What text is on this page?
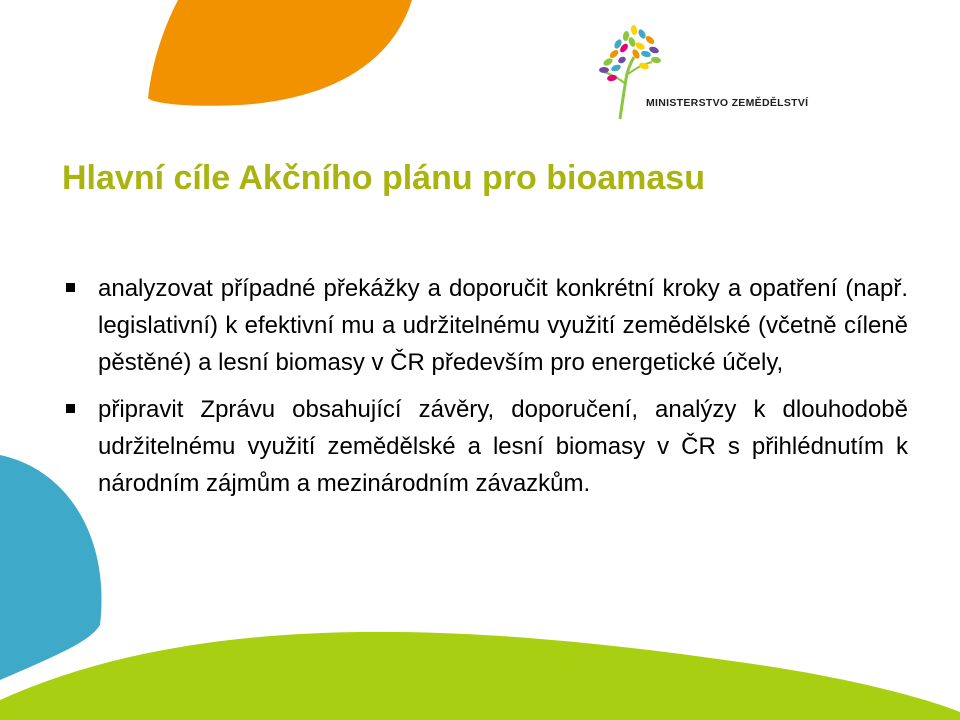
MINISTERSTVO ZEMĚDĚLSTVÍ
Hlavní cíle Akčního plánu pro bioamasu
analyzovat případné překážky a doporučit konkrétní kroky a opatření (např. legislativní) k efektivní mu a udržitelnému využití zemědělské (včetně cíleně pěstěné) a lesní biomasy v ČR především pro energetické účely,
připravit Zprávu obsahující závěry, doporučení, analýzy k dlouhodobě udržitelnému využití zemědělské a lesní biomasy v ČR s přihlédnutím k národním zájmům a mezinárodním závazkům.
